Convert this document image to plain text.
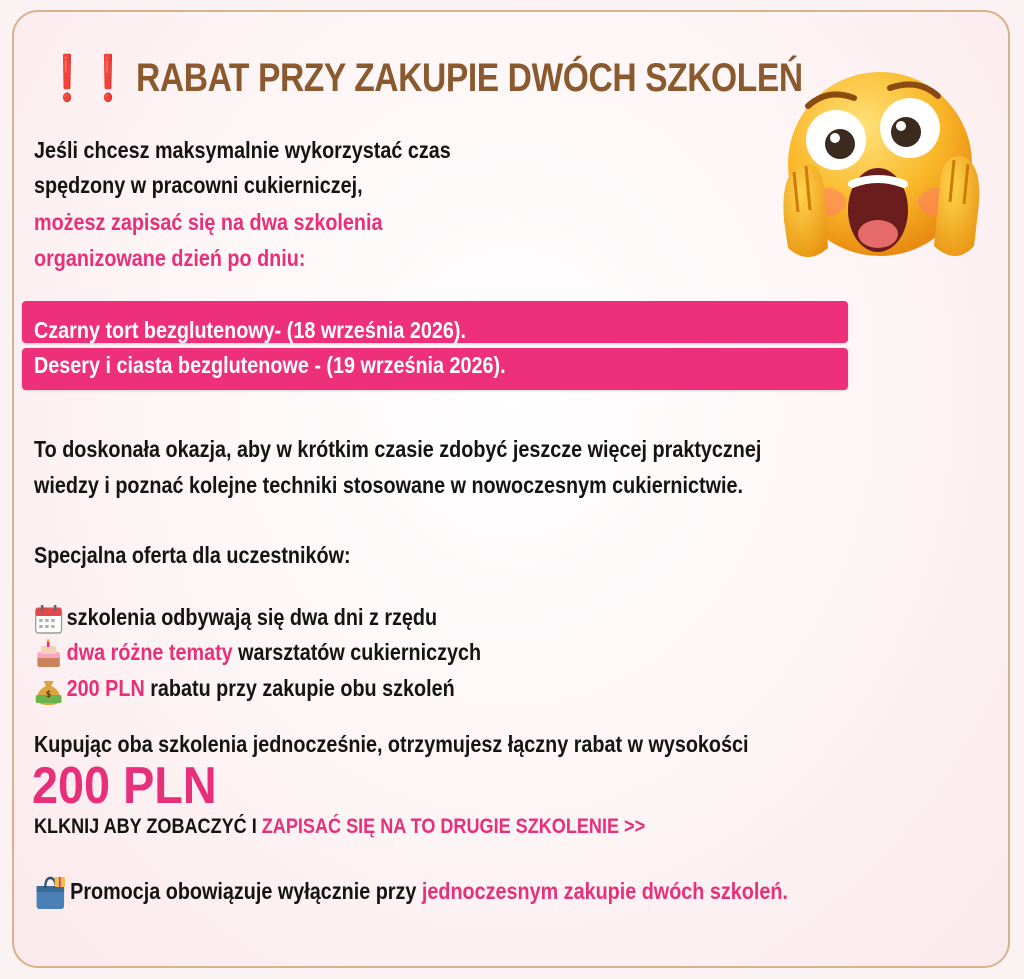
❗❗ RABAT PRZY ZAKUPIE DWÓCH SZKOLEŃ
Jeśli chcesz maksymalnie wykorzystać czas
spędzony w pracowni cukierniczej,
możesz zapisać się na dwa szkolenia
organizowane dzień po dniu:
Czarny tort bezglutenowy- (18 września 2026).
Desery i ciasta bezglutenowe - (19 września 2026).
To doskonała okazja, aby w krótkim czasie zdobyć jeszcze więcej praktycznej
wiedzy i poznać kolejne techniki stosowane w nowoczesnym cukiernictwie.
Specjalna oferta dla uczestników:
szkolenia odbywają się dwa dni z rzędu
dwa różne tematy warsztatów cukierniczych
$ 200 PLN rabatu przy zakupie obu szkoleń
Kupując oba szkolenia jednocześnie, otrzymujesz łączny rabat w wysokości
200 PLN
KLKNIJ ABY ZOBACZYĆ I ZAPISAĆ SIĘ NA TO DRUGIE SZKOLENIE >>
Promocja obowiązuje wyłącznie przy jednoczesnym zakupie dwóch szkoleń.
